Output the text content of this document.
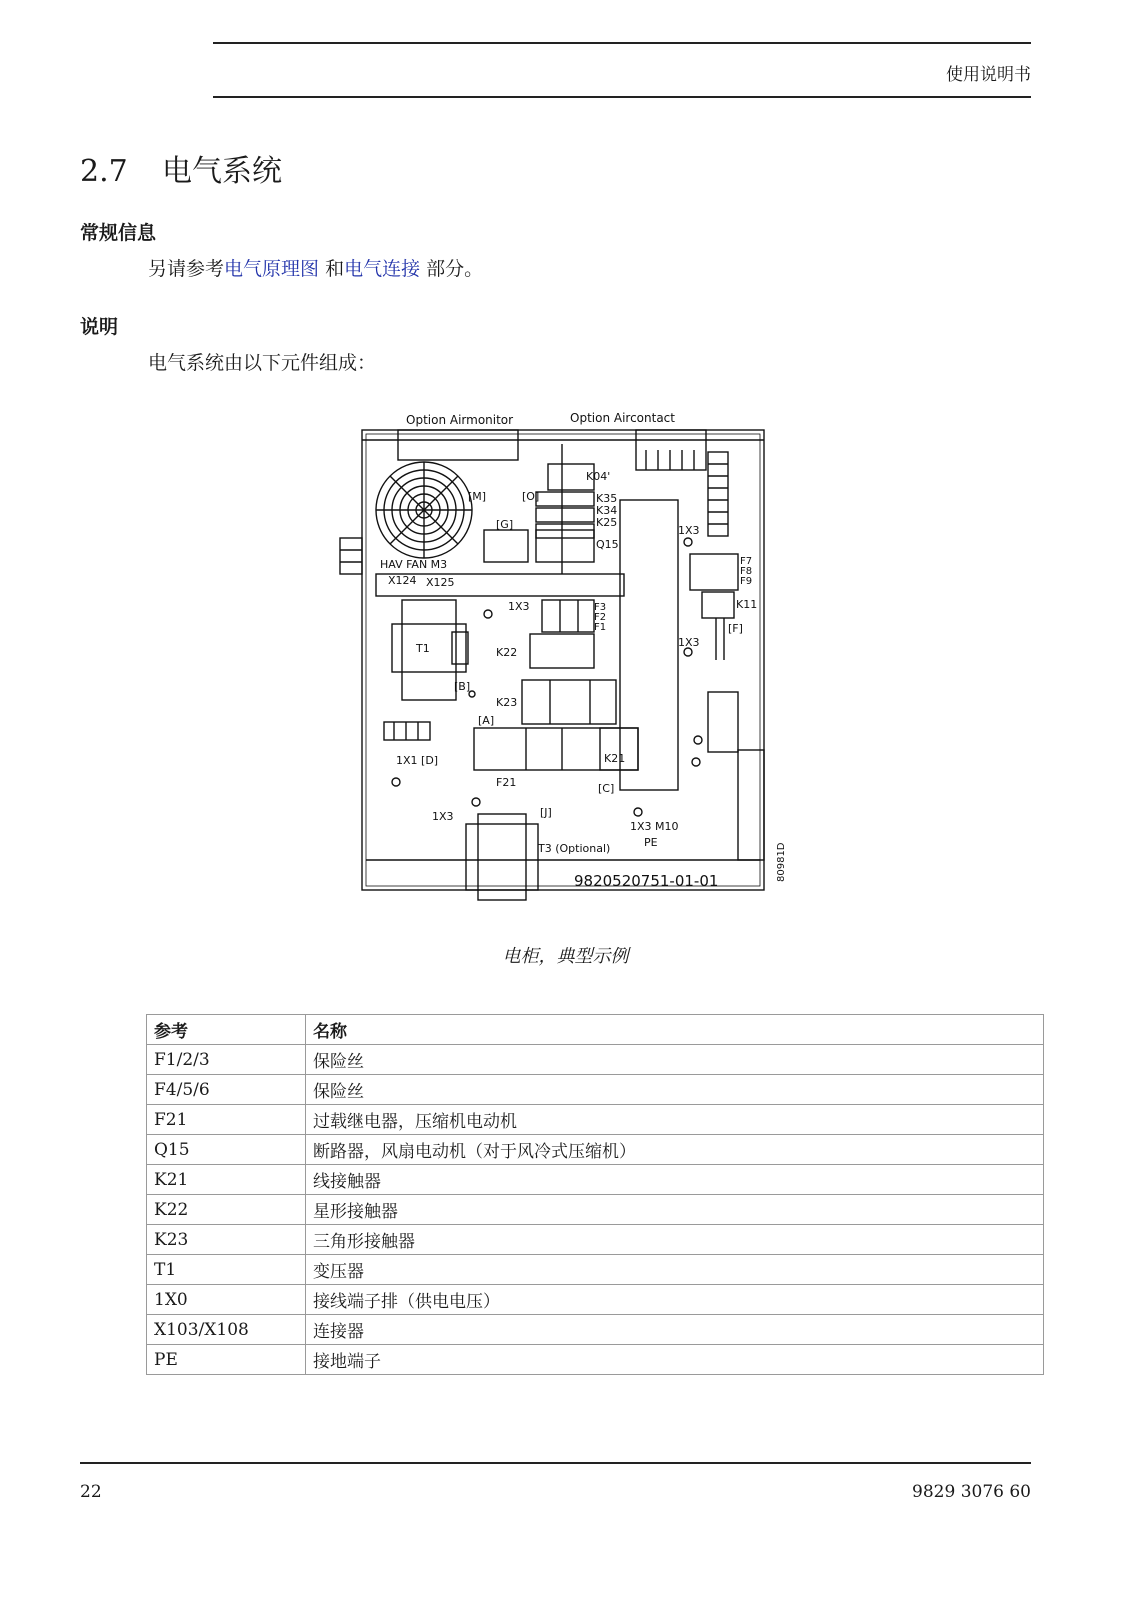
使用说明书
2.7 电气系统
常规信息
另请参考电气原理图 和电气连接 部分。
说明
电气系统由以下元件组成：
Option Airmonitor	Option Aircontact
K04'
[M]	[O]	K35
K34
K25
[G]
Q15
1X3
HAV FAN M3
X124 X125
F7
F8
F9
K11
[F]
1X3	F3
F2
F1
T1	K22
1X3
[B]
K23
[A]
1X1 [D]	K21
F21	[C]
1X3	[J]
1X3 M10
PE
T3 (Optional)
9820520751-01-01	80981D
电柜，典型示例
参考	名称
F1/2/3	保险丝
F4/5/6	保险丝
F21	过载继电器，压缩机电动机
Q15	断路器，风扇电动机（对于风冷式压缩机）
K21	线接触器
K22	星形接触器
K23	三角形接触器
T1	变压器
1X0	接线端子排（供电电压）
X103/X108	连接器
PE	接地端子
22	9829 3076 60
